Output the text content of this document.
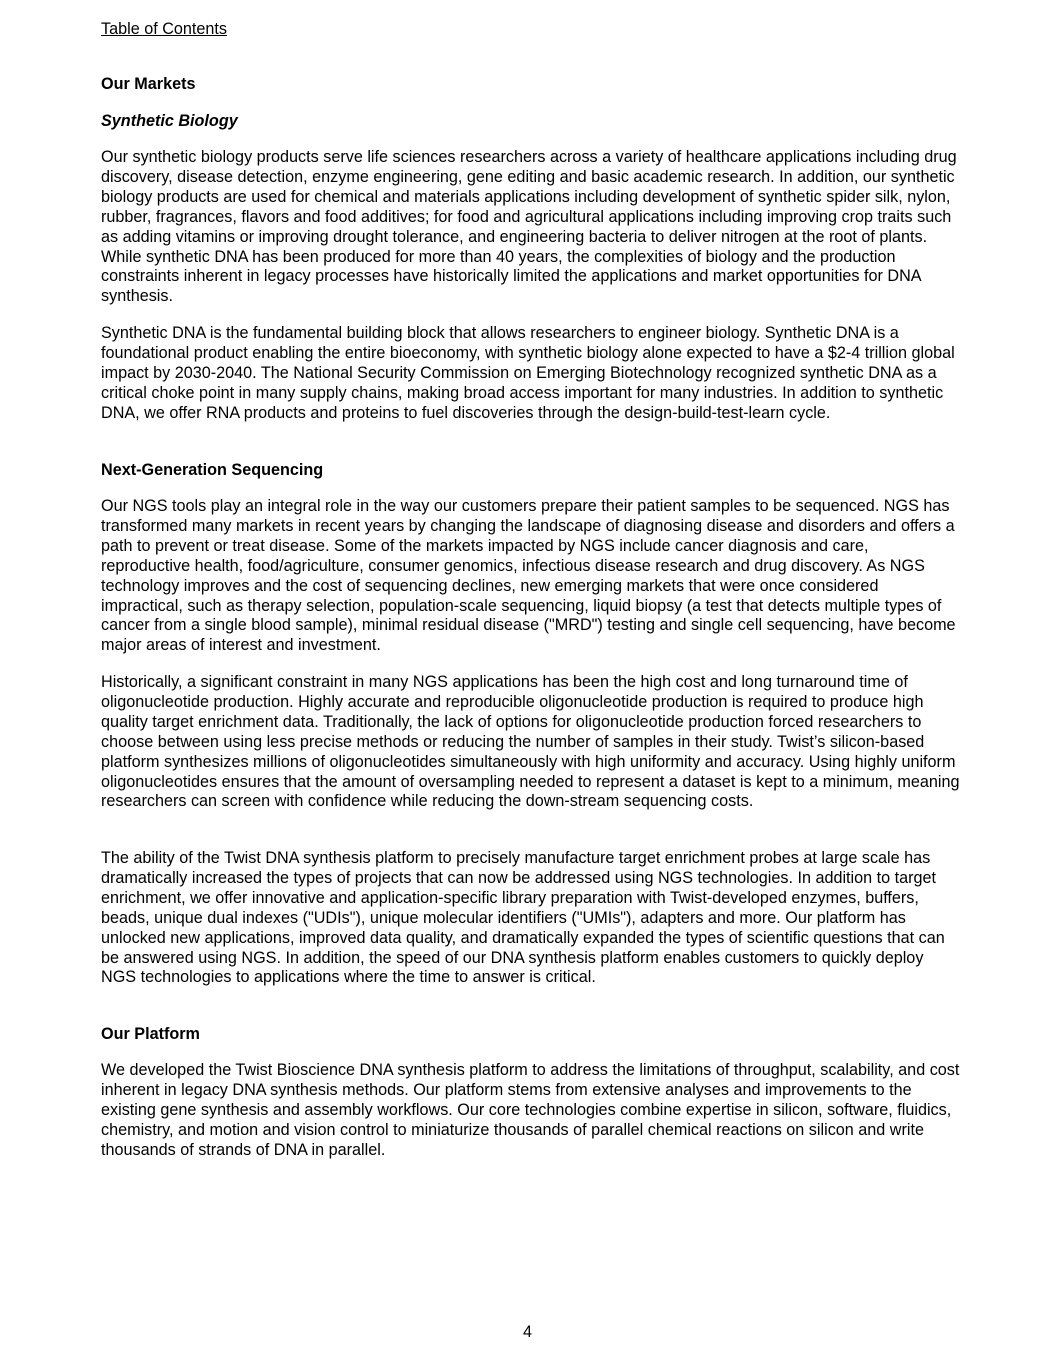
Table of Contents
Our Markets
Synthetic Biology

Our synthetic biology products serve life sciences researchers across a variety of healthcare applications including drug discovery, disease detection, enzyme engineering, gene editing and basic academic research. In addition, our synthetic biology products are used for chemical and materials applications including development of synthetic spider silk, nylon, rubber, fragrances, flavors and food additives; for food and agricultural applications including improving crop traits such as adding vitamins or improving drought tolerance, and engineering bacteria to deliver nitrogen at the root of plants. While synthetic DNA has been produced for more than 40 years, the complexities of biology and the production constraints inherent in legacy processes have historically limited the applications and market opportunities for DNA synthesis.

Synthetic DNA is the fundamental building block that allows researchers to engineer biology. Synthetic DNA is a foundational product enabling the entire bioeconomy, with synthetic biology alone expected to have a $2-4 trillion global impact by 2030-2040. The National Security Commission on Emerging Biotechnology recognized synthetic DNA as a critical choke point in many supply chains, making broad access important for many industries. In addition to synthetic DNA, we offer RNA products and proteins to fuel discoveries through the design-build-test-learn cycle.

Next-Generation Sequencing

Our NGS tools play an integral role in the way our customers prepare their patient samples to be sequenced. NGS has transformed many markets in recent years by changing the landscape of diagnosing disease and disorders and offers a path to prevent or treat disease. Some of the markets impacted by NGS include cancer diagnosis and care, reproductive health, food/agriculture, consumer genomics, infectious disease research and drug discovery. As NGS technology improves and the cost of sequencing declines, new emerging markets that were once considered impractical, such as therapy selection, population-scale sequencing, liquid biopsy (a test that detects multiple types of cancer from a single blood sample), minimal residual disease ("MRD") testing and single cell sequencing, have become major areas of interest and investment.

Historically, a significant constraint in many NGS applications has been the high cost and long turnaround time of oligonucleotide production. Highly accurate and reproducible oligonucleotide production is required to produce high quality target enrichment data. Traditionally, the lack of options for oligonucleotide production forced researchers to choose between using less precise methods or reducing the number of samples in their study. Twist’s silicon-based platform synthesizes millions of oligonucleotides simultaneously with high uniformity and accuracy. Using highly uniform oligonucleotides ensures that the amount of oversampling needed to represent a dataset is kept to a minimum, meaning researchers can screen with confidence while reducing the down-stream sequencing costs.

The ability of the Twist DNA synthesis platform to precisely manufacture target enrichment probes at large scale has dramatically increased the types of projects that can now be addressed using NGS technologies. In addition to target enrichment, we offer innovative and application-specific library preparation with Twist-developed enzymes, buffers, beads, unique dual indexes ("UDIs"), unique molecular identifiers ("UMIs"), adapters and more. Our platform has unlocked new applications, improved data quality, and dramatically expanded the types of scientific questions that can be answered using NGS. In addition, the speed of our DNA synthesis platform enables customers to quickly deploy NGS technologies to applications where the time to answer is critical.

Our Platform

We developed the Twist Bioscience DNA synthesis platform to address the limitations of throughput, scalability, and cost inherent in legacy DNA synthesis methods. Our platform stems from extensive analyses and improvements to the existing gene synthesis and assembly workflows. Our core technologies combine expertise in silicon, software, fluidics, chemistry, and motion and vision control to miniaturize thousands of parallel chemical reactions on silicon and write thousands of strands of DNA in parallel.

4
